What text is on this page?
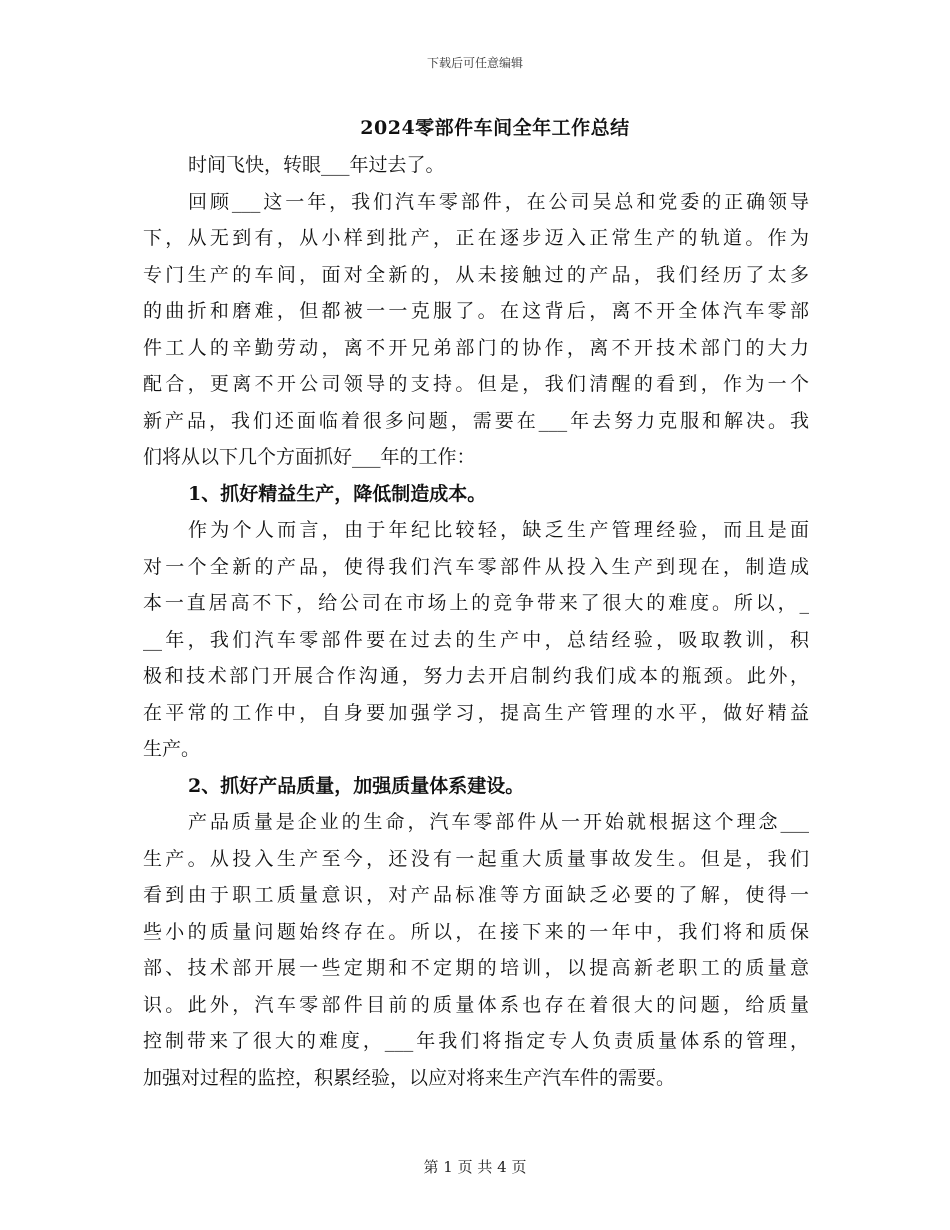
下载后可任意编辑
2024零部件车间全年工作总结
时间飞快，转眼___年过去了。
回顾___这一年，我们汽车零部件，在公司吴总和党委的正确领导
下，从无到有，从小样到批产，正在逐步迈入正常生产的轨道。作为
专门生产的车间，面对全新的，从未接触过的产品，我们经历了太多
的曲折和磨难，但都被一一克服了。在这背后，离不开全体汽车零部
件工人的辛勤劳动，离不开兄弟部门的协作，离不开技术部门的大力
配合，更离不开公司领导的支持。但是，我们清醒的看到，作为一个
新产品，我们还面临着很多问题，需要在___年去努力克服和解决。我
们将从以下几个方面抓好___年的工作：
1、抓好精益生产，降低制造成本。
作为个人而言，由于年纪比较轻，缺乏生产管理经验，而且是面
对一个全新的产品，使得我们汽车零部件从投入生产到现在，制造成
本一直居高不下，给公司在市场上的竞争带来了很大的难度。所以，_
__年，我们汽车零部件要在过去的生产中，总结经验，吸取教训，积
极和技术部门开展合作沟通，努力去开启制约我们成本的瓶颈。此外，
在平常的工作中，自身要加强学习，提高生产管理的水平，做好精益
生产。
2、抓好产品质量，加强质量体系建设。
产品质量是企业的生命，汽车零部件从一开始就根据这个理念___
生产。从投入生产至今，还没有一起重大质量事故发生。但是，我们
看到由于职工质量意识，对产品标准等方面缺乏必要的了解，使得一
些小的质量问题始终存在。所以，在接下来的一年中，我们将和质保
部、技术部开展一些定期和不定期的培训，以提高新老职工的质量意
识。此外，汽车零部件目前的质量体系也存在着很大的问题，给质量
控制带来了很大的难度，___年我们将指定专人负责质量体系的管理，
加强对过程的监控，积累经验，以应对将来生产汽车件的需要。
第 1 页 共 4 页
